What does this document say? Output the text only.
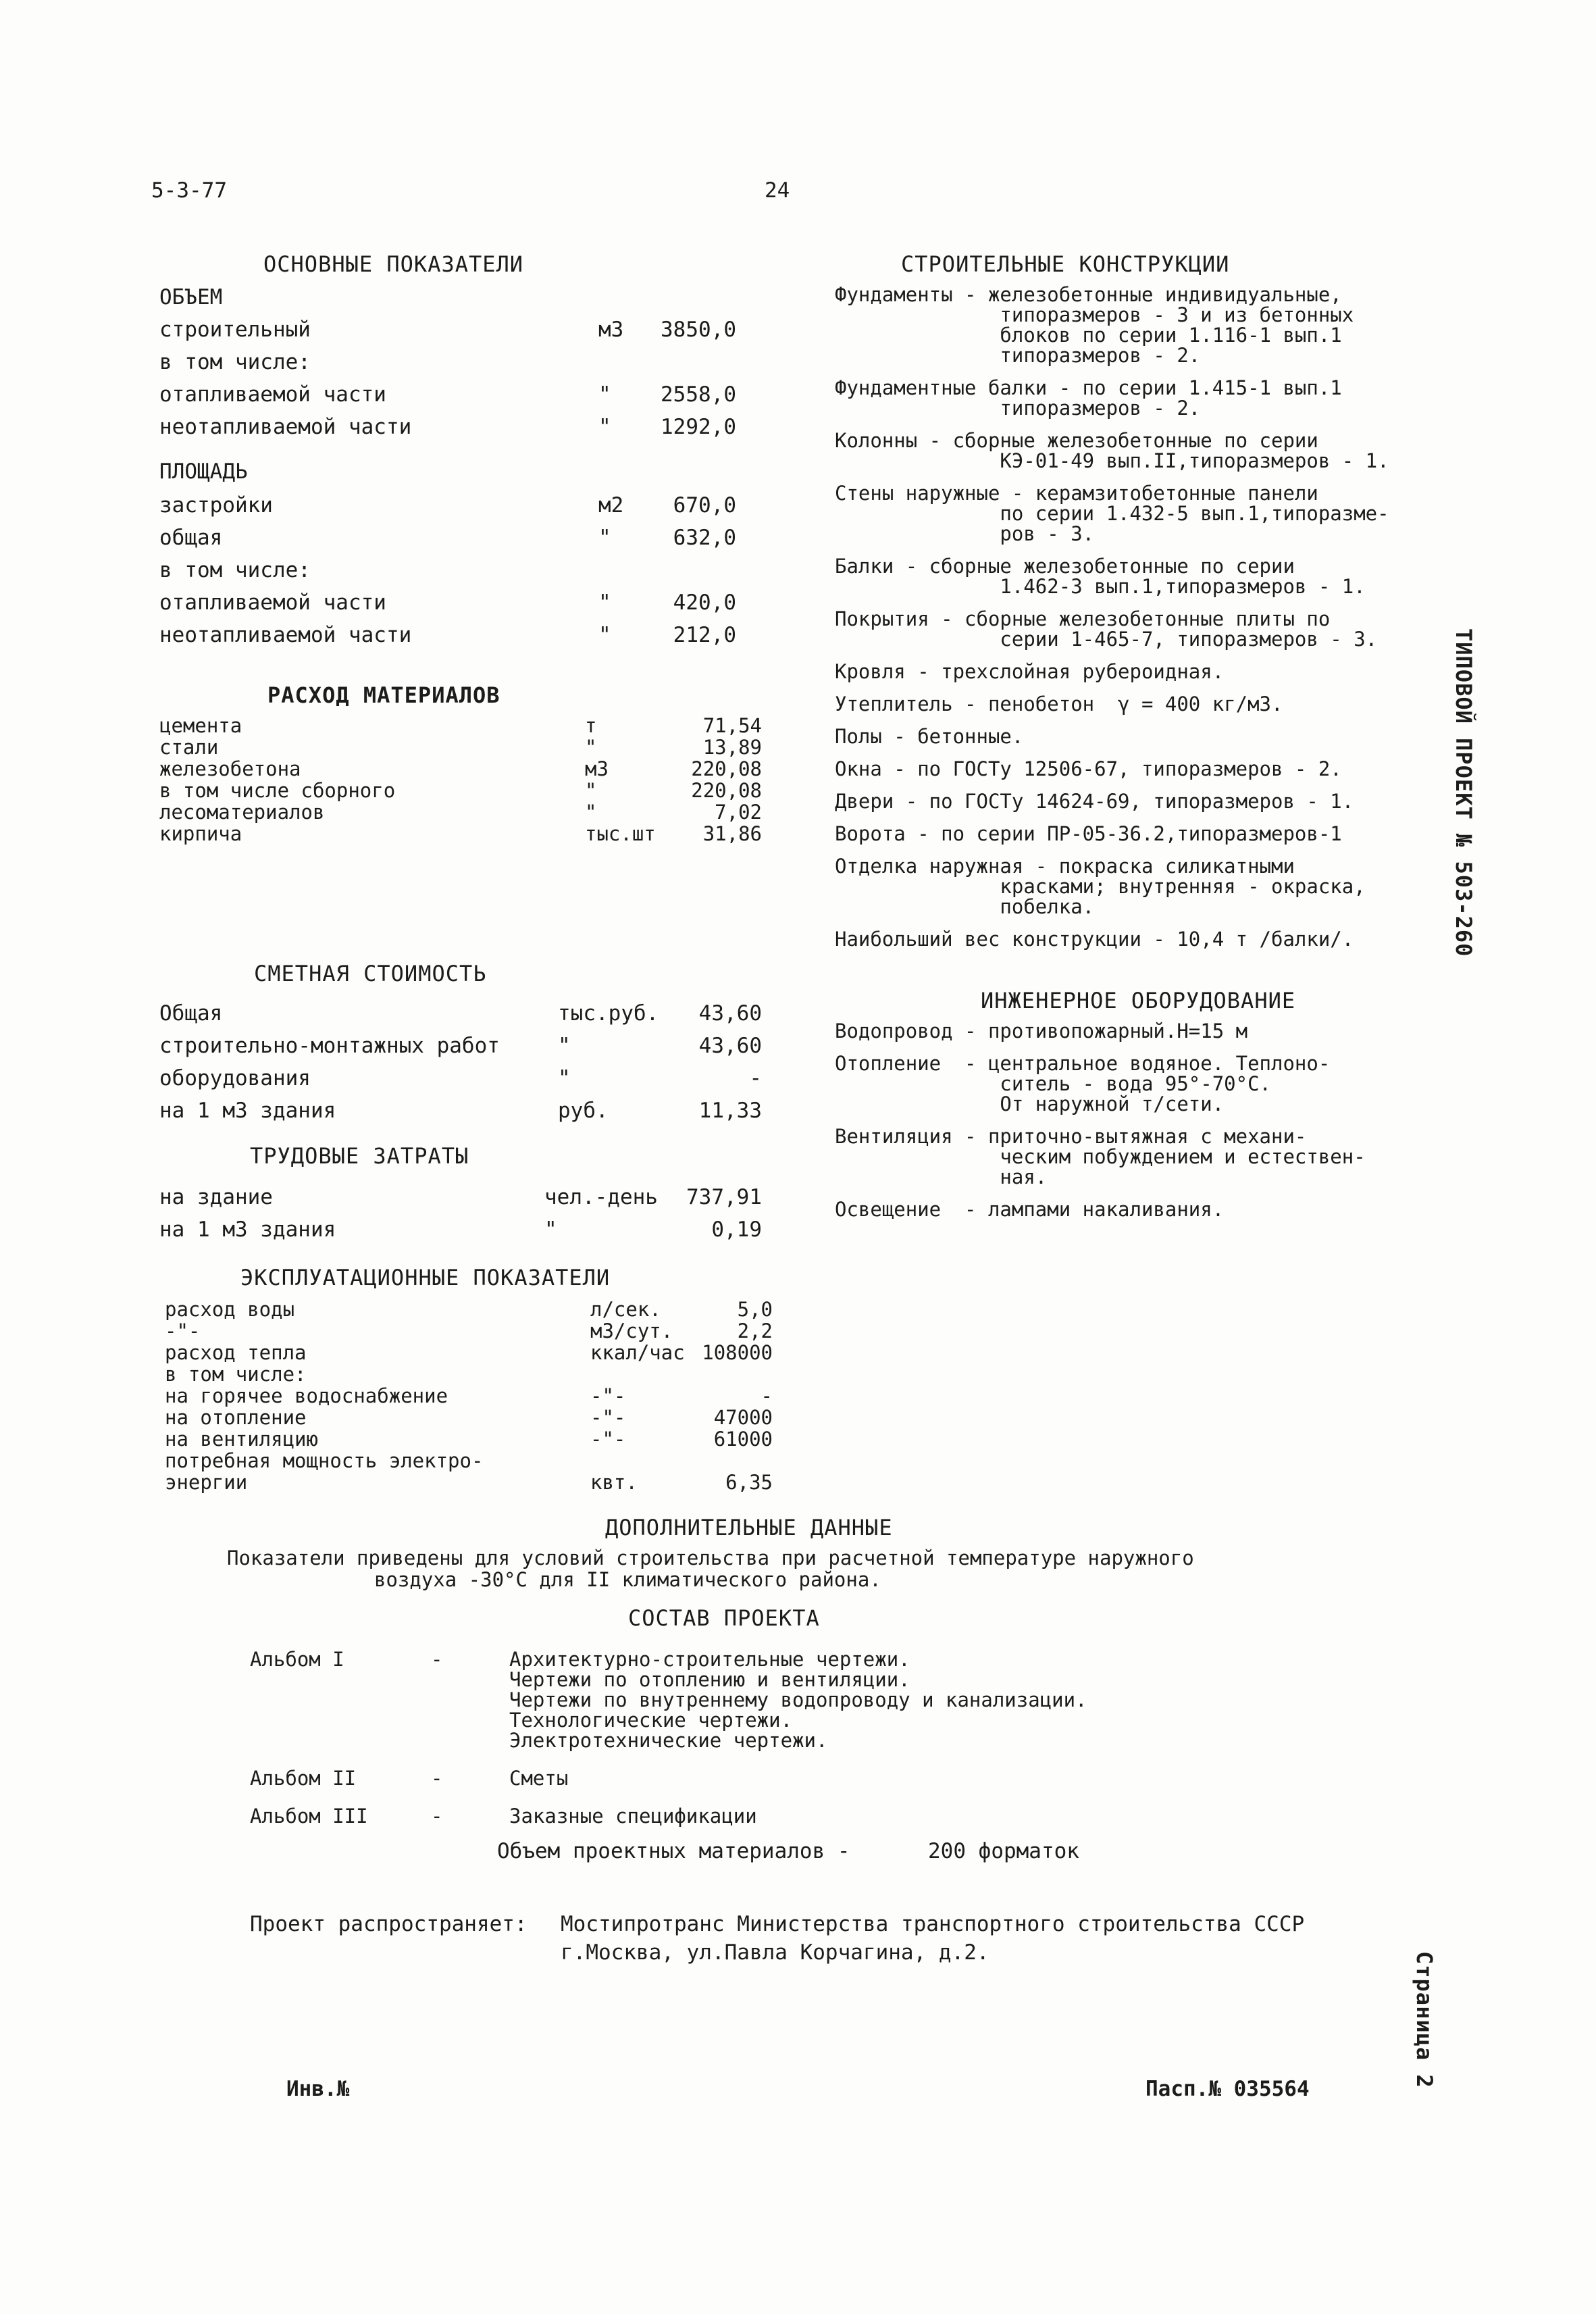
5-3-77	24
ОСНОВНЫЕ ПОКАЗАТЕЛИ
ОБЪЕМ
строительный	м3 3850,0
в том числе:
отапливаемой части	" 2558,0
неотапливаемой части	" 1292,0
ПЛОЩАДЬ
застройки	м2 670,0
общая	"	632,0
в том числе:
отапливаемой части	"	420,0
неотапливаемой части	"	212,0
РАСХОД МАТЕРИАЛОВ
цемента	т	71,54
стали	"	13,89
железобетона	м3	220,08
в том числе сборного	"	220,08
лесоматериалов	"	7,02
кирпича	тыс.шт 31,86
СМЕТНАЯ СТОИМОСТЬ
Общая	тыс.руб. 43,60
строительно-монтажных работ	"	43,60
оборудования	"	-
на 1 м3 здания	руб.	11,33
ТРУДОВЫЕ ЗАТРАТЫ
на здание	чел.-день 737,91
на 1 м3 здания	"	0,19
ЭКСПЛУАТАЦИОННЫЕ ПОКАЗАТЕЛИ
расход воды	л/сек.	5,0
-"-	м3/сут.	2,2
расход тепла	ккал/час 108000
в том числе:
на горячее водоснабжение	-"-	-
на отопление	-"-	47000
на вентиляцию	-"-	61000
потребная мощность электро-
энергии	квт.	6,35
СТРОИТЕЛЬНЫЕ КОНСТРУКЦИИ
Фундаменты - железобетонные индивидуальные,
типоразмеров - 3 и из бетонных
блоков по серии 1.116-1 вып.1
типоразмеров - 2.
Фундаментные балки - по серии 1.415-1 вып.1
типоразмеров - 2.
Колонны - сборные железобетонные по серии
КЭ-01-49 вып.II,типоразмеров - 1.
Стены наружные - керамзитобетонные панели
по серии 1.432-5 вып.1,типоразме-
ров - 3.
Балки - сборные железобетонные по серии
1.462-3 вып.1,типоразмеров - 1.
Покрытия - сборные железобетонные плиты по
серии 1-465-7, типоразмеров - 3.
Кровля - трехслойная рубероидная.
Утеплитель - пенобетон  γ = 400 кг/м3.
Полы - бетонные.
Окна - по ГОСТу 12506-67, типоразмеров - 2.
Двери - по ГОСТу 14624-69, типоразмеров - 1.
Ворота - по серии ПР-05-36.2,типоразмеров-1
Отделка наружная - покраска силикатными
красками; внутренняя - окраска,
побелка.
Наибольший вес конструкции - 10,4 т /балки/.
ИНЖЕНЕРНОЕ ОБОРУДОВАНИЕ
Водопровод - противопожарный.Н=15 м
Отопление  - центральное водяное. Теплоно-
ситель - вода 95°-70°С.
От наружной т/сети.
Вентиляция - приточно-вытяжная с механи-
ческим побуждением и естествен-
ная.
Освещение  - лампами накаливания.
ТИПОВОЙ ПРОЕКТ № 503-260
Страница 2
ДОПОЛНИТЕЛЬНЫЕ ДАННЫЕ
Показатели приведены для условий строительства при расчетной температуре наружного
воздуха -30°С для II климатического района.
СОСТАВ ПРОЕКТА
Альбом I	-	Архитектурно-строительные чертежи.
Чертежи по отоплению и вентиляции.
Чертежи по внутреннему водопроводу и канализации.
Технологические чертежи.
Электротехнические чертежи.
Альбом II	-	Сметы
Альбом III	-	Заказные спецификации
Объем проектных материалов -	200 форматок
Проект распространяет: Мостипротранс Министерства транспортного строительства СССР
г.Москва, ул.Павла Корчагина, д.2.
Инв.№	Пасп.№ 035564
